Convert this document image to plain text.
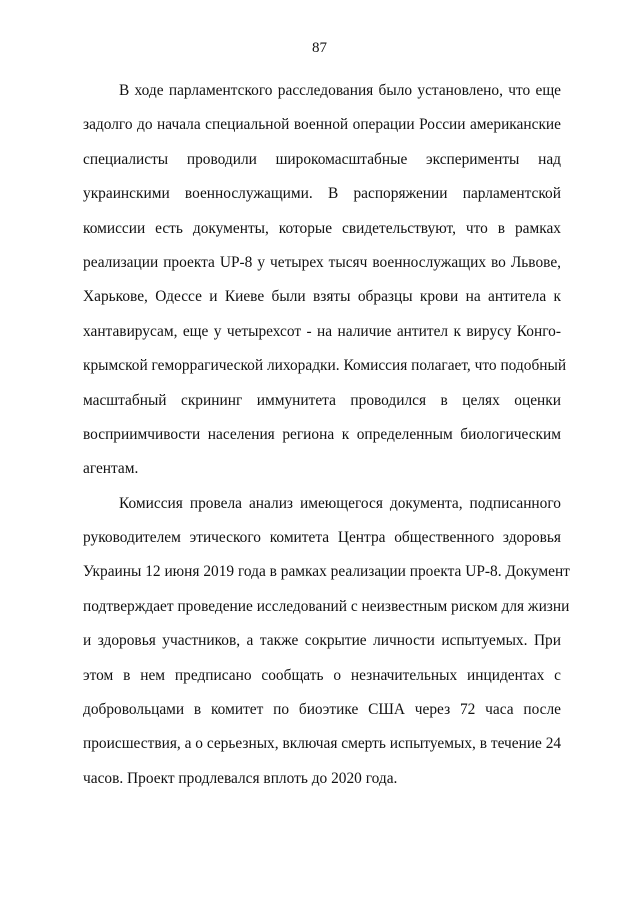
87
В ходе парламентского расследования было установлено, что еще
задолго до начала специальной военной операции России американские
специалисты проводили широкомасштабные эксперименты над
украинскими военнослужащими. В распоряжении парламентской
комиссии есть документы, которые свидетельствуют, что в рамках
реализации проекта UP-8 у четырех тысяч военнослужащих во Львове,
Харькове, Одессе и Киеве были взяты образцы крови на антитела к
хантавирусам, еще у четырехсот - на наличие антител к вирусу Конго-
крымской геморрагической лихорадки. Комиссия полагает, что подобный
масштабный скрининг иммунитета проводился в целях оценки
восприимчивости населения региона к определенным биологическим
агентам.
Комиссия провела анализ имеющегося документа, подписанного
руководителем этического комитета Центра общественного здоровья
Украины 12 июня 2019 года в рамках реализации проекта UP-8. Документ
подтверждает проведение исследований с неизвестным риском для жизни
и здоровья участников, а также сокрытие личности испытуемых. При
этом в нем предписано сообщать о незначительных инцидентах с
добровольцами в комитет по биоэтике США через 72 часа после
происшествия, а о серьезных, включая смерть испытуемых, в течение 24
часов. Проект продлевался вплоть до 2020 года.
